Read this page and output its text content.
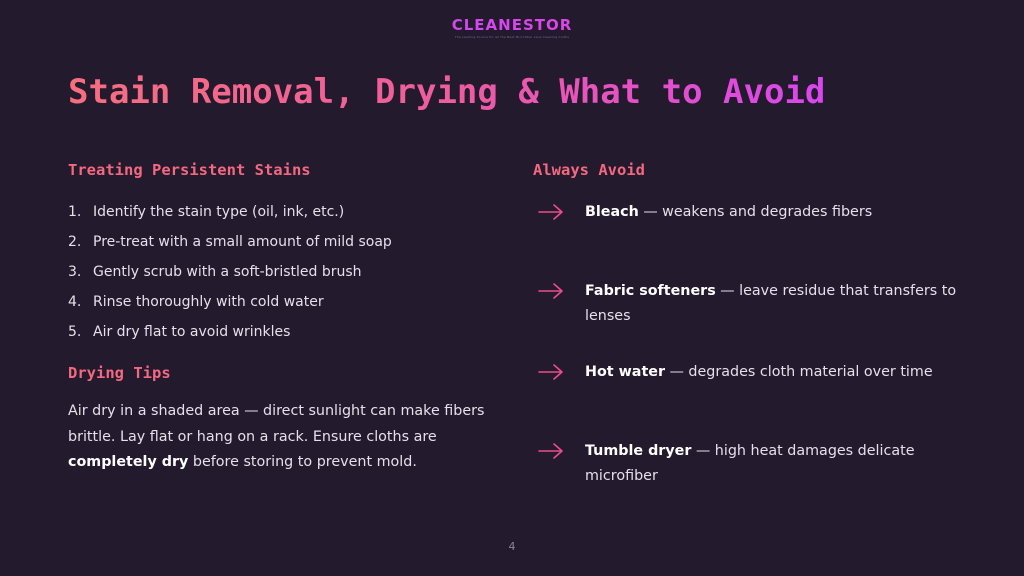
CLEANESTOR
The Leading Source for all the Best Microfiber Lens Cleaning Cloths
Stain Removal, Drying & What to Avoid
Treating Persistent Stains
1. Identify the stain type (oil, ink, etc.)
2. Pre-treat with a small amount of mild soap
3. Gently scrub with a soft-bristled brush
4. Rinse thoroughly with cold water
5. Air dry flat to avoid wrinkles
Drying Tips
Air dry in a shaded area — direct sunlight can make fibers brittle. Lay flat or hang on a rack. Ensure cloths are completely dry before storing to prevent mold.
Always Avoid
Bleach — weakens and degrades fibers
Fabric softeners — leave residue that transfers to lenses
Hot water — degrades cloth material over time
Tumble dryer — high heat damages delicate microfiber
4
